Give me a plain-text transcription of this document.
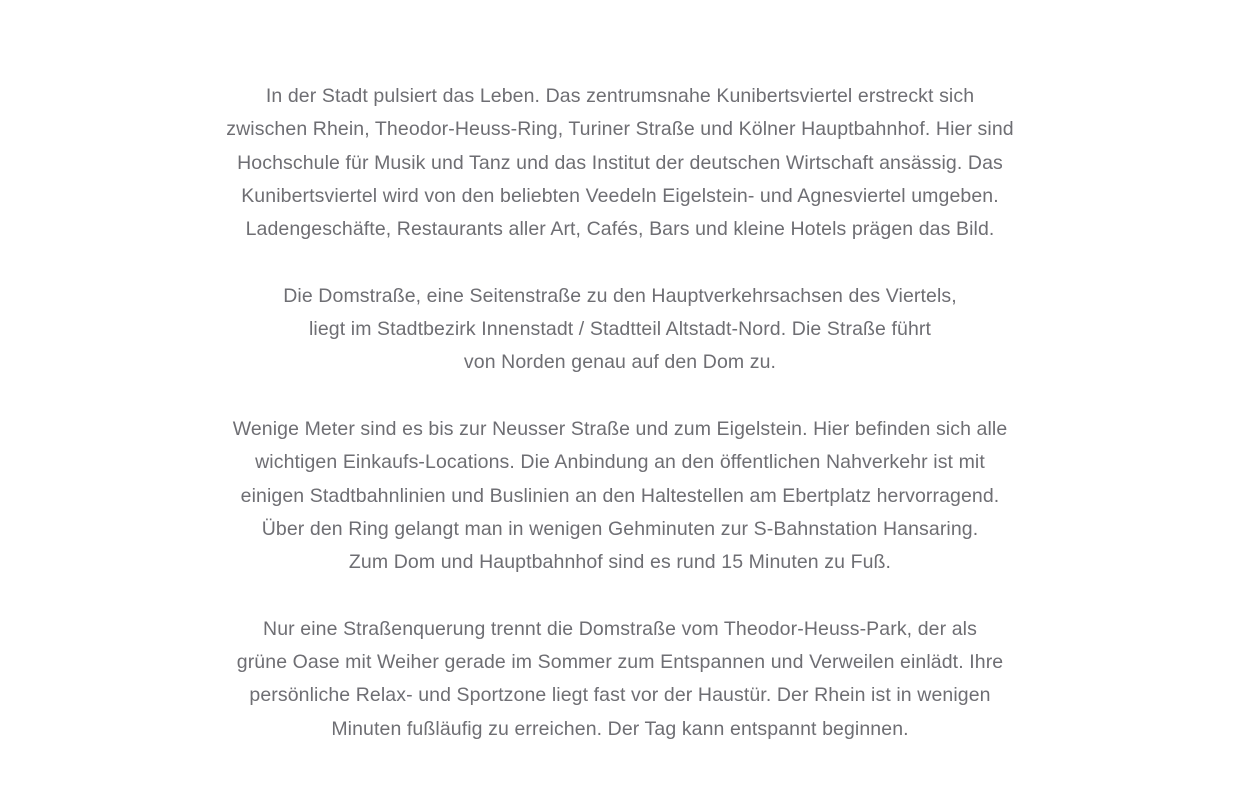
In der Stadt pulsiert das Leben. Das zentrumsnahe Kunibertsviertel erstreckt sich
zwischen Rhein, Theodor-Heuss-Ring, Turiner Straße und Kölner Hauptbahnhof. Hier sind
Hochschule für Musik und Tanz und das Institut der deutschen Wirtschaft ansässig. Das
Kunibertsviertel wird von den beliebten Veedeln Eigelstein- und Agnesviertel umgeben.
Ladengeschäfte, Restaurants aller Art, Cafés, Bars und kleine Hotels prägen das Bild.

Die Domstraße, eine Seitenstraße zu den Hauptverkehrsachsen des Viertels,
liegt im Stadtbezirk Innenstadt / Stadtteil Altstadt-Nord. Die Straße führt
von Norden genau auf den Dom zu.

Wenige Meter sind es bis zur Neusser Straße und zum Eigelstein. Hier befinden sich alle
wichtigen Einkaufs-Locations. Die Anbindung an den öffentlichen Nahverkehr ist mit
einigen Stadtbahnlinien und Buslinien an den Haltestellen am Ebertplatz hervorragend.
Über den Ring gelangt man in wenigen Gehminuten zur S-Bahnstation Hansaring.
Zum Dom und Hauptbahnhof sind es rund 15 Minuten zu Fuß.

Nur eine Straßenquerung trennt die Domstraße vom Theodor-Heuss-Park, der als
grüne Oase mit Weiher gerade im Sommer zum Entspannen und Verweilen einlädt. Ihre
persönliche Relax- und Sportzone liegt fast vor der Haustür. Der Rhein ist in wenigen
Minuten fußläufig zu erreichen. Der Tag kann entspannt beginnen.
